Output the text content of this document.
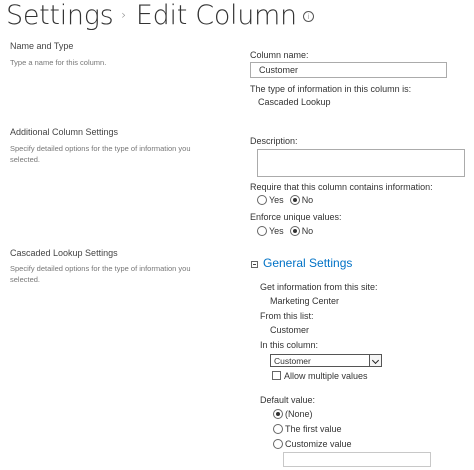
Settings › Edit Column i
Name and Type
Type a name for this column.
Column name:
Customer
The type of information in this column is:
Cascaded Lookup
Additional Column Settings
Specify detailed options for the type of information you selected.
Description:
Require that this column contains information:
Yes No
Enforce unique values:
Yes No
Cascaded Lookup Settings
Specify detailed options for the type of information you selected.
General Settings
Get information from this site:
Marketing Center
From this list:
Customer
In this column:
Customer
Allow multiple values
Default value:
(None)
The first value
Customize value
